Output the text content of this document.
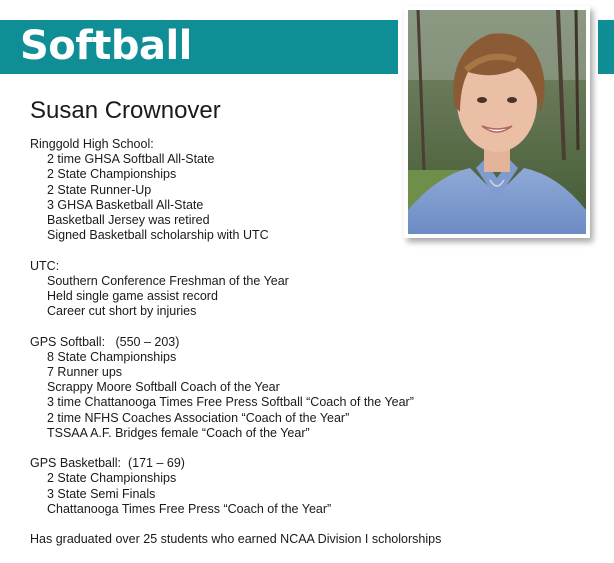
Softball
Susan Crownover
Ringgold High School:
2 time GHSA Softball All-State
2 State Championships
2 State Runner-Up
3 GHSA Basketball All-State
Basketball Jersey was retired
Signed Basketball scholarship with UTC
UTC:
Southern Conference Freshman of the Year
Held single game assist record
Career cut short by injuries
GPS Softball:   (550 – 203)
8 State Championships
7 Runner ups
Scrappy Moore Softball Coach of the Year
3 time Chattanooga Times Free Press Softball “Coach of the Year”
2 time NFHS Coaches Association “Coach of the Year”
TSSAA A.F. Bridges female “Coach of the Year”
GPS Basketball:  (171 – 69)
2 State Championships
3 State Semi Finals
Chattanooga Times Free Press “Coach of the Year”
Has graduated over 25 students who earned NCAA Division I scholorships
